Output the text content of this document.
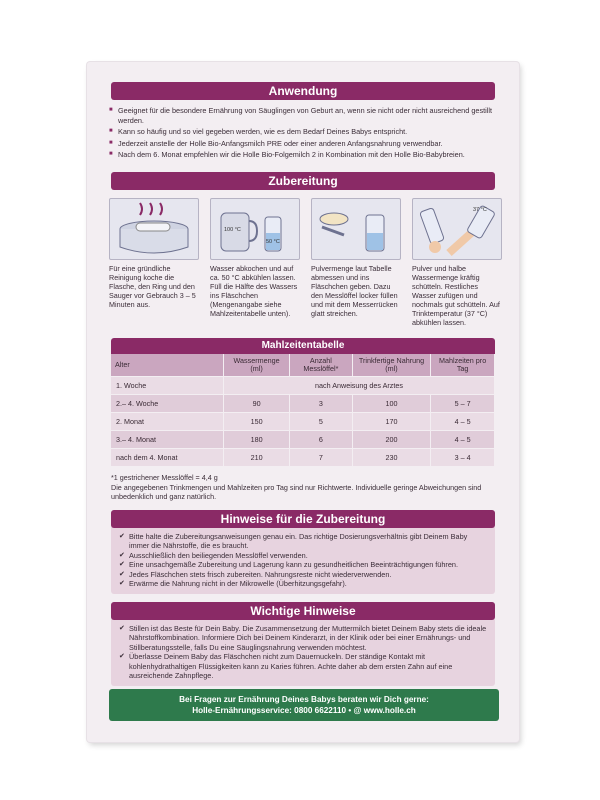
Anwendung
■ Geeignet für die besondere Ernährung von Säuglingen von Geburt an, wenn sie nicht oder nicht ausreichend gestillt werden.
■ Kann so häufig und so viel gegeben werden, wie es dem Bedarf Deines Babys entspricht.
■ Jederzeit anstelle der Holle Bio-Anfangsmilch PRE oder einer anderen Anfangsnahrung verwendbar.
■ Nach dem 6. Monat empfehlen wir die Holle Bio-Folgemilch 2 in Kombination mit den Holle Bio-Babybreien.
Zubereitung
Für eine gründliche Reinigung koche die Flasche, den Ring und den Sauger vor Gebrauch 3 – 5 Minuten aus.
100 °C
50 °C
Wasser abkochen und auf ca. 50 °C abkühlen lassen. Füll die Hälfte des Wassers ins Fläschchen (Mengenangabe siehe Mahlzeitentabelle unten).
Pulvermenge laut Tabelle abmessen und ins Fläschchen geben. Dazu den Messlöffel locker füllen und mit dem Messerrücken glatt streichen.
37 °C
Pulver und halbe Wassermenge kräftig schütteln. Restliches Wasser zufügen und nochmals gut schütteln. Auf Trinktemperatur (37 °C) abkühlen lassen.
Mahlzeitentabelle
Alter	Wassermenge (ml)	Anzahl Messlöffel*	Trinkfertige Nahrung (ml)	Mahlzeiten pro Tag
1. Woche	nach Anweisung des Arztes			
2.– 4. Woche	90	3	100	5 – 7
2. Monat	150	5	170	4 – 5
3.– 4. Monat	180	6	200	4 – 5
nach dem 4. Monat	210	7	230	3 – 4
*1 gestrichener Messlöffel = 4,4 g
Die angegebenen Trinkmengen und Mahlzeiten pro Tag sind nur Richtwerte. Individuelle geringe Abweichungen sind unbedenklich und ganz natürlich.
Hinweise für die Zubereitung
✔ Bitte halte die Zubereitungsanweisungen genau ein. Das richtige Dosierungsverhältnis gibt Deinem Baby immer die Nährstoffe, die es braucht.
✔ Ausschließlich den beiliegenden Messlöffel verwenden.
✔ Eine unsachgemäße Zubereitung und Lagerung kann zu gesundheitlichen Beeinträchtigungen führen.
✔ Jedes Fläschchen stets frisch zubereiten. Nahrungsreste nicht wiederverwenden.
✔ Erwärme die Nahrung nicht in der Mikrowelle (Überhitzungsgefahr).
Wichtige Hinweise
✔ Stillen ist das Beste für Dein Baby. Die Zusammensetzung der Muttermilch bietet Deinem Baby stets die ideale Nährstoffkombination. Informiere Dich bei Deinem Kinderarzt, in der Klinik oder bei einer Ernährungs- und Stillberatungsstelle, falls Du eine Säuglingsnahrung verwenden möchtest.
✔ Überlasse Deinem Baby das Fläschchen nicht zum Dauernuckeln. Der ständige Kontakt mit kohlenhydrathaltigen Flüssigkeiten kann zu Karies führen. Achte daher ab dem ersten Zahn auf eine ausreichende Zahnpflege.
Bei Fragen zur Ernährung Deines Babys beraten wir Dich gerne:
Holle-Ernährungsservice: 0800 6622110 • @ www.holle.ch
